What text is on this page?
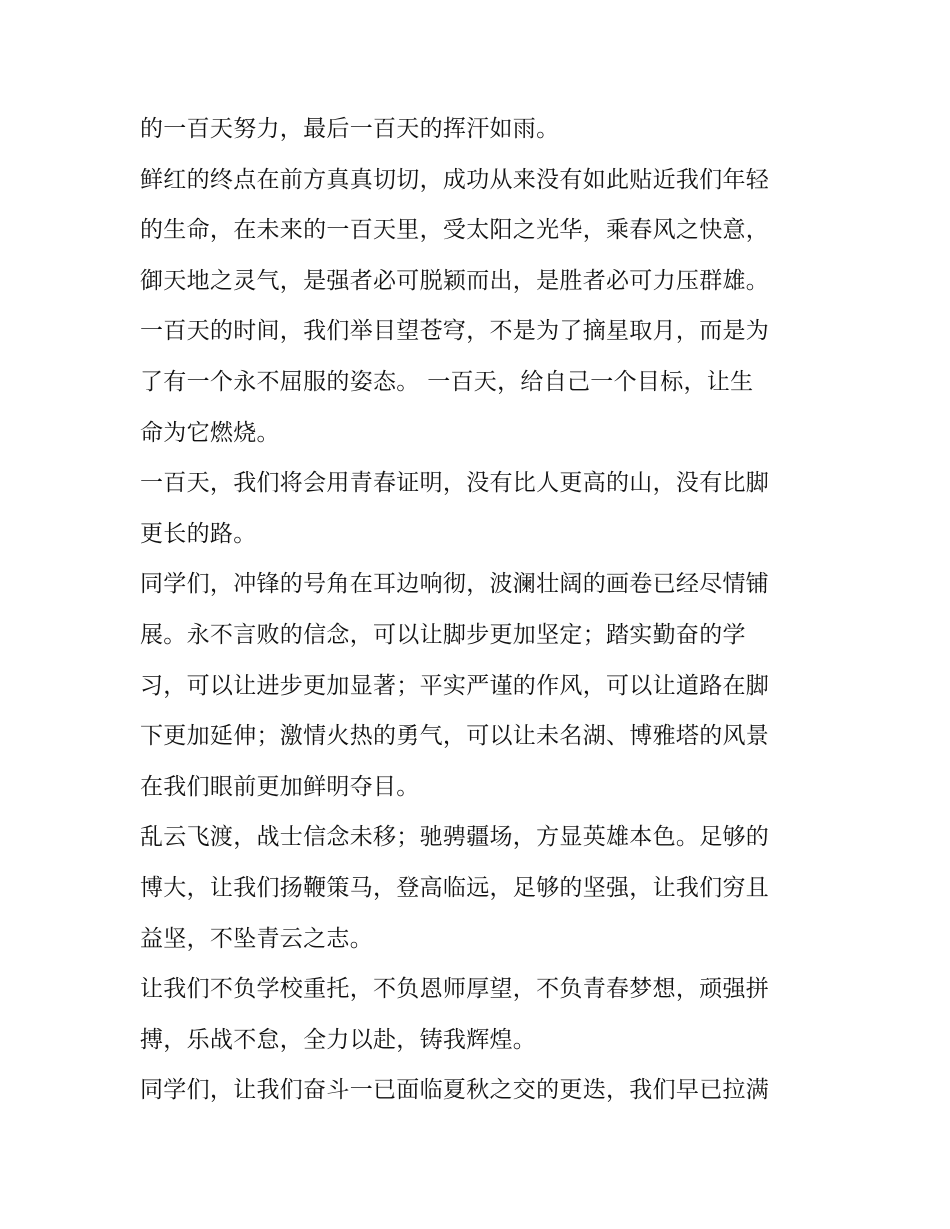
的一百天努力，最后一百天的挥汗如雨。
鲜红的终点在前方真真切切，成功从来没有如此贴近我们年轻
的生命，在未来的一百天里，受太阳之光华，乘春风之快意，
御天地之灵气，是强者必可脱颖而出，是胜者必可力压群雄。
一百天的时间，我们举目望苍穹，不是为了摘星取月，而是为
了有一个永不屈服的姿态。 一百天，给自己一个目标，让生
命为它燃烧。
一百天，我们将会用青春证明，没有比人更高的山，没有比脚
更长的路。
同学们，冲锋的号角在耳边响彻，波澜壮阔的画卷已经尽情铺
展。永不言败的信念，可以让脚步更加坚定；踏实勤奋的学
习，可以让进步更加显著；平实严谨的作风，可以让道路在脚
下更加延伸；激情火热的勇气，可以让未名湖、博雅塔的风景
在我们眼前更加鲜明夺目。
乱云飞渡，战士信念未移；驰骋疆场，方显英雄本色。足够的
博大，让我们扬鞭策马，登高临远，足够的坚强，让我们穷且
益坚，不坠青云之志。
让我们不负学校重托，不负恩师厚望，不负青春梦想，顽强拼
搏，乐战不怠，全力以赴，铸我辉煌。
同学们，让我们奋斗一已面临夏秋之交的更迭，我们早已拉满
